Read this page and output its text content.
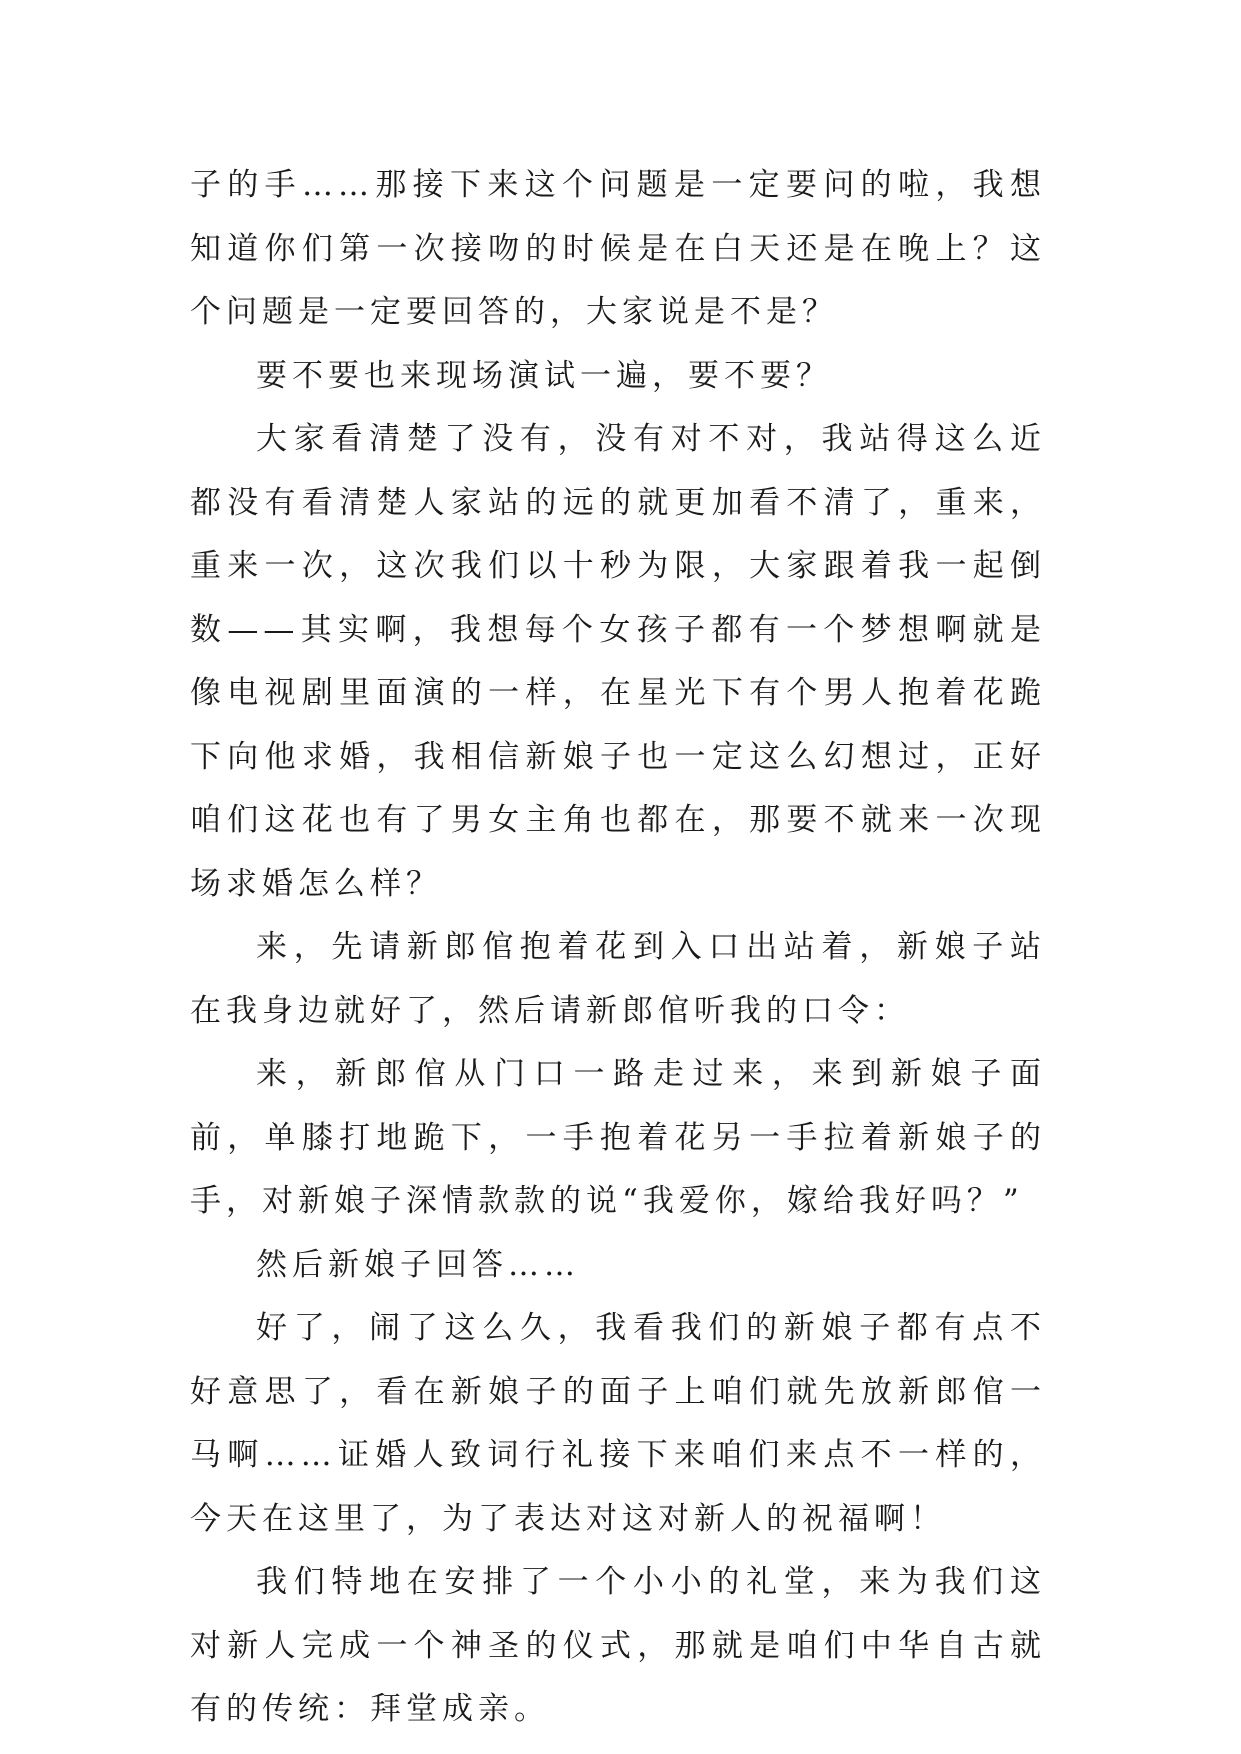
子的手……那接下来这个问题是一定要问的啦，我想知道你们第一次接吻的时候是在白天还是在晚上？这个问题是一定要回答的，大家说是不是？

要不要也来现场演试一遍，要不要？

大家看清楚了没有，没有对不对，我站得这么近都没有看清楚人家站的远的就更加看不清了，重来，重来一次，这次我们以十秒为限，大家跟着我一起倒数——其实啊，我想每个女孩子都有一个梦想啊就是像电视剧里面演的一样，在星光下有个男人抱着花跪下向他求婚，我相信新娘子也一定这么幻想过，正好咱们这花也有了男女主角也都在，那要不就来一次现场求婚怎么样？

来，先请新郎倌抱着花到入口出站着，新娘子站在我身边就好了，然后请新郎倌听我的口令：

来，新郎倌从门口一路走过来，来到新娘子面前，单膝打地跪下，一手抱着花另一手拉着新娘子的手，对新娘子深情款款的说“我爱你，嫁给我好吗？”

然后新娘子回答……

好了，闹了这么久，我看我们的新娘子都有点不好意思了，看在新娘子的面子上咱们就先放新郎倌一马啊……证婚人致词行礼接下来咱们来点不一样的，今天在这里了，为了表达对这对新人的祝福啊！

我们特地在安排了一个小小的礼堂，来为我们这对新人完成一个神圣的仪式，那就是咱们中华自古就有的传统：拜堂成亲。
